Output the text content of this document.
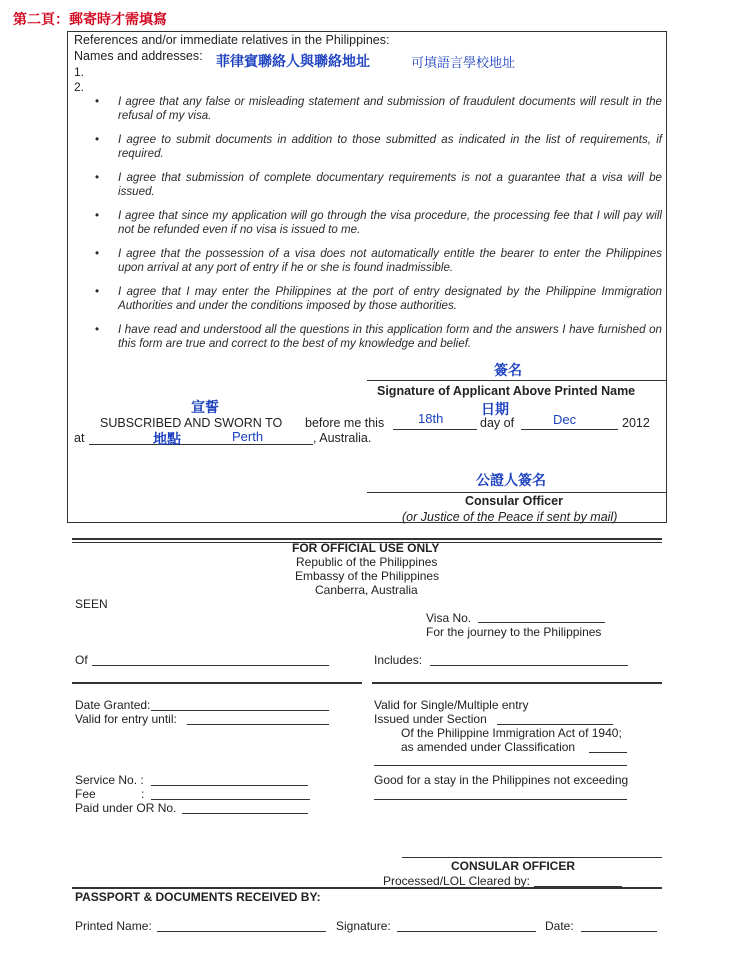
第二頁：郵寄時才需填寫
References and/or immediate relatives in the Philippines:
Names and addresses: 菲律賓聯絡人與聯絡地址	可填語言學校地址
1.
2.
• I agree that any false or misleading statement and submission of fraudulent documents will result in the refusal of my visa.
• I agree to submit documents in addition to those submitted as indicated in the list of requirements, if required.
• I agree that submission of complete documentary requirements is not a guarantee that a visa will be issued.
• I agree that since my application will go through the visa procedure, the processing fee that I will pay will not be refunded even if no visa is issued to me.
• I agree that the possession of a visa does not automatically entitle the bearer to enter the Philippines upon arrival at any port of entry if he or she is found inadmissible.
• I agree that I may enter the Philippines at the port of entry designated by the Philippine Immigration Authorities and under the conditions imposed by those authorities.
• I have read and understood all the questions in this application form and the answers I have furnished on this form are true and correct to the best of my knowledge and belief.
簽名
Signature of Applicant Above Printed Name
宣誓	日期
SUBSCRIBED AND SWORN TO before me this	18th	day of	Dec	2012
at	地點	Perth	, Australia.
公證人簽名
Consular Officer
(or Justice of the Peace if sent by mail)
FOR OFFICIAL USE ONLY
Republic of the Philippines
Embassy of the Philippines
Canberra, Australia
SEEN
Visa No.
For the journey to the Philippines
Of	Includes:
Date Granted:
Valid for entry until:
Valid for Single/Multiple entry
Issued under Section
Of the Philippine Immigration Act of 1940;
as amended under Classification
Service No. :
Fee	:
Paid under OR No.
Good for a stay in the Philippines not exceeding
CONSULAR OFFICER
Processed/LOL Cleared by:
PASSPORT & DOCUMENTS RECEIVED BY:
Printed Name:	Signature:	Date:
